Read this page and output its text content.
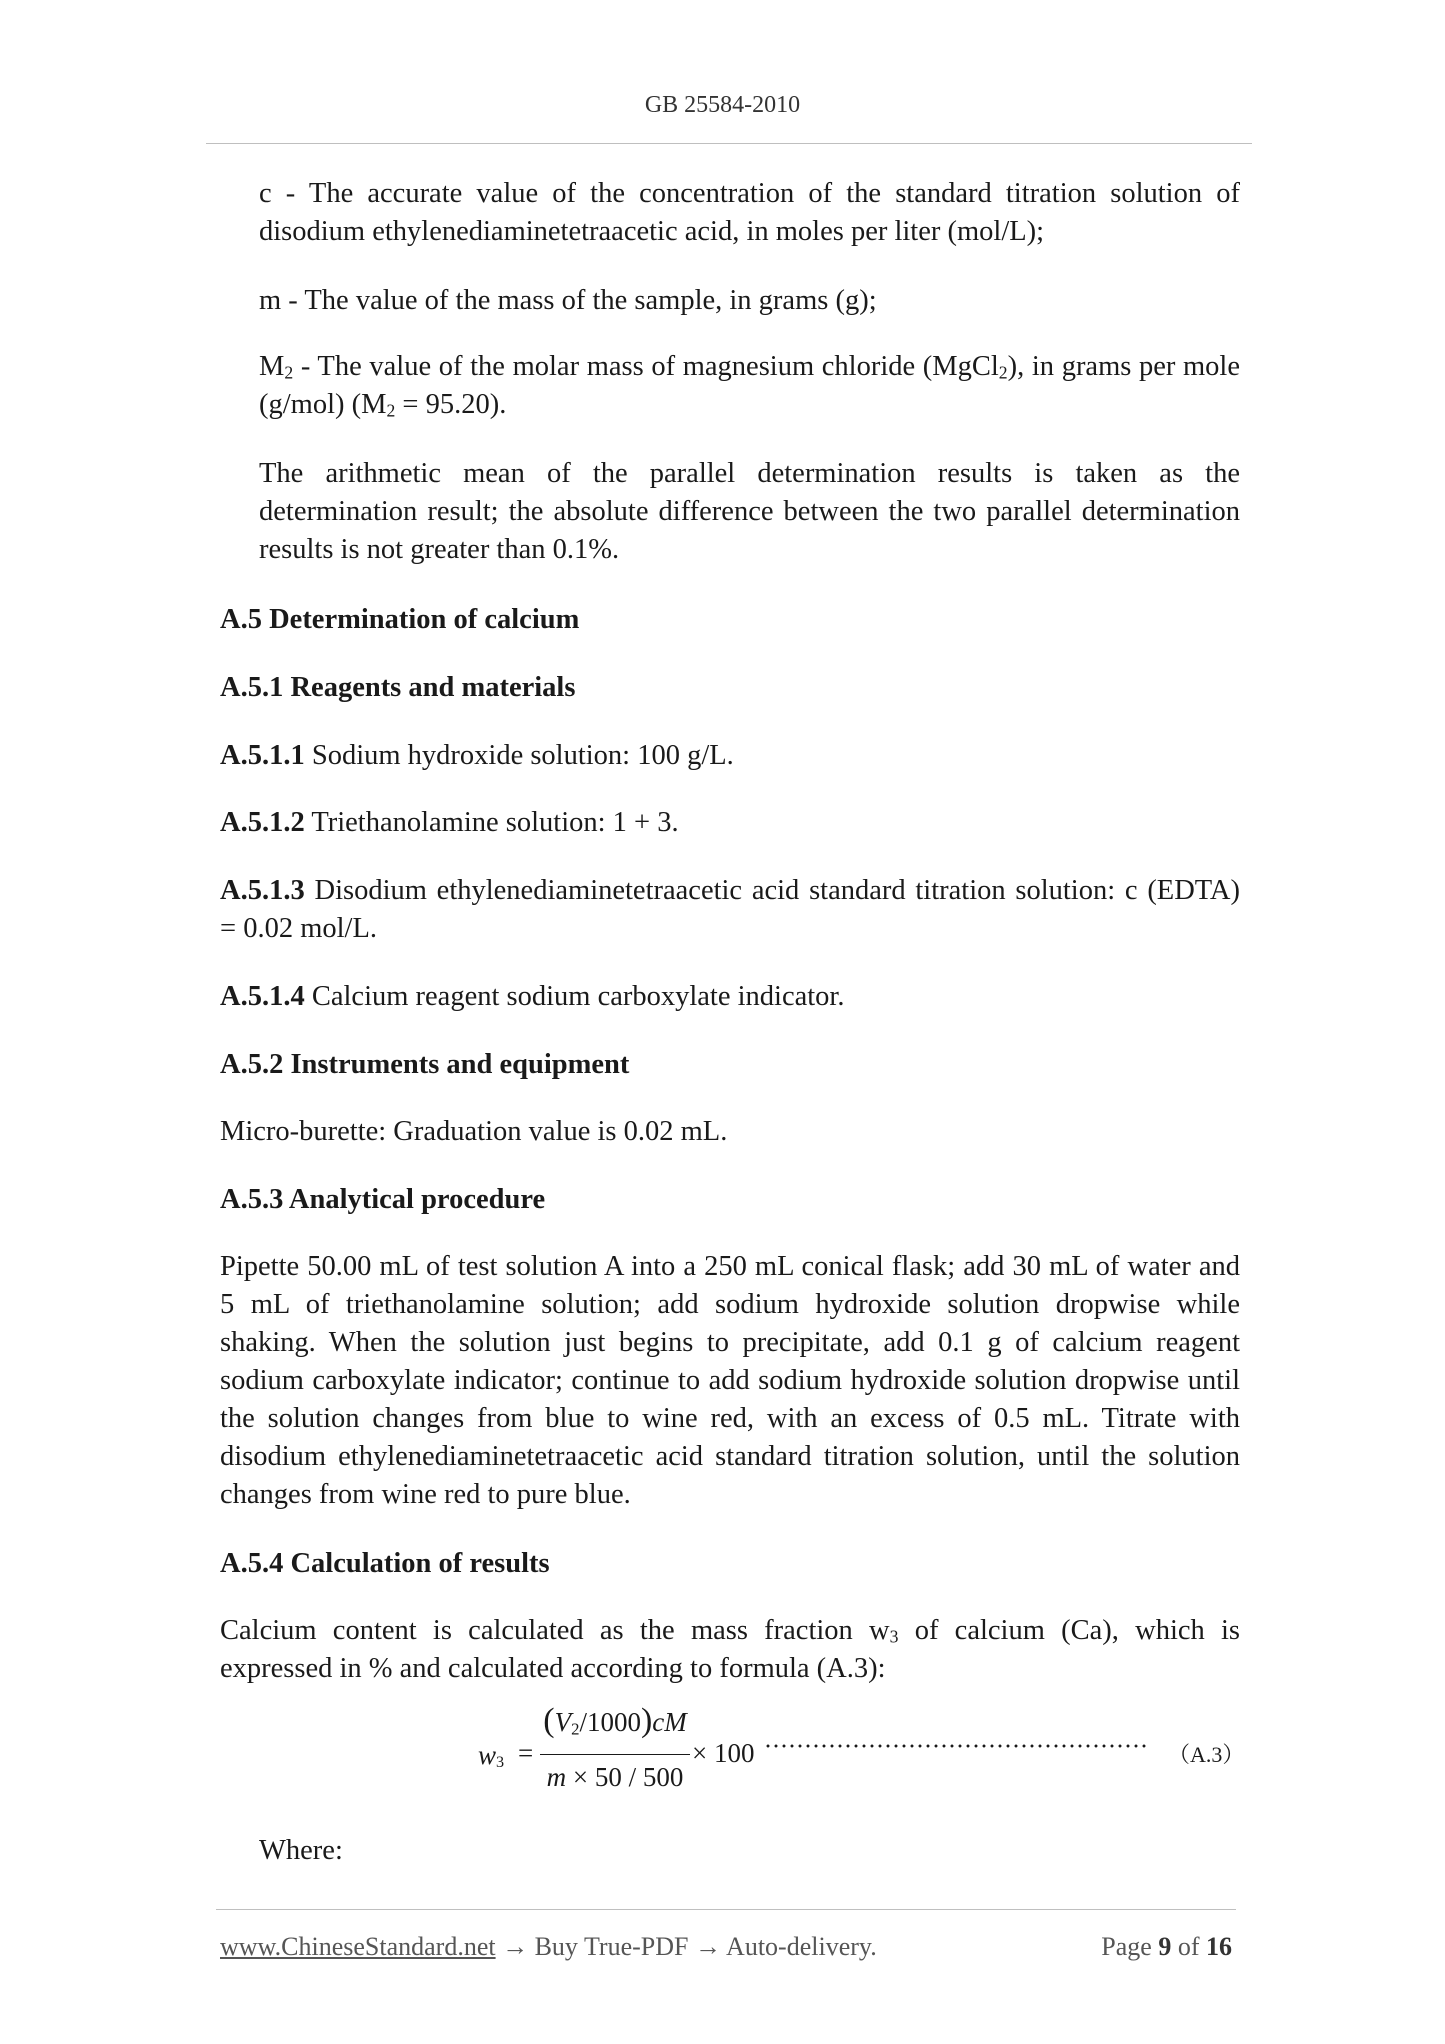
GB 25584-2010
c - The accurate value of the concentration of the standard titration solution of disodium ethylenediaminetetraacetic acid, in moles per liter (mol/L);
m - The value of the mass of the sample, in grams (g);
$M_2$ - The value of the molar mass of magnesium chloride (MgCl$_2$), in grams per mole (g/mol) $(M_2 = 95.20)$.
The arithmetic mean of the parallel determination results is taken as the determination result; the absolute difference between the two parallel determination results is not greater than 0.1%.
A.5 Determination of calcium
A.5.1 Reagents and materials
A.5.1.1 Sodium hydroxide solution: 100 g/L.
A.5.1.2 Triethanolamine solution: 1 + 3.
A.5.1.3 Disodium ethylenediaminetetraacetic acid standard titration solution: c (EDTA) = 0.02 mol/L.
A.5.1.4 Calcium reagent sodium carboxylate indicator.
A.5.2 Instruments and equipment
Micro-burette: Graduation value is 0.02 mL.
A.5.3 Analytical procedure
Pipette 50.00 mL of test solution A into a 250 mL conical flask; add 30 mL of water and 5 mL of triethanolamine solution; add sodium hydroxide solution dropwise while shaking. When the solution just begins to precipitate, add 0.1 g of calcium reagent sodium carboxylate indicator; continue to add sodium hydroxide solution dropwise until the solution changes from blue to wine red, with an excess of 0.5 mL. Titrate with disodium ethylenediaminetetraacetic acid standard titration solution, until the solution changes from wine red to pure blue.
A.5.4 Calculation of results
Calcium content is calculated as the mass fraction $w_3$ of calcium (Ca), which is expressed in % and calculated according to formula (A.3):
$w_3$ =
$(V_2/1000)cM$
m × 50 / 500
× 100	（A.3）
Where:
www.ChineseStandard.net → Buy True-PDF → Auto-delivery.	Page 9 of 16
